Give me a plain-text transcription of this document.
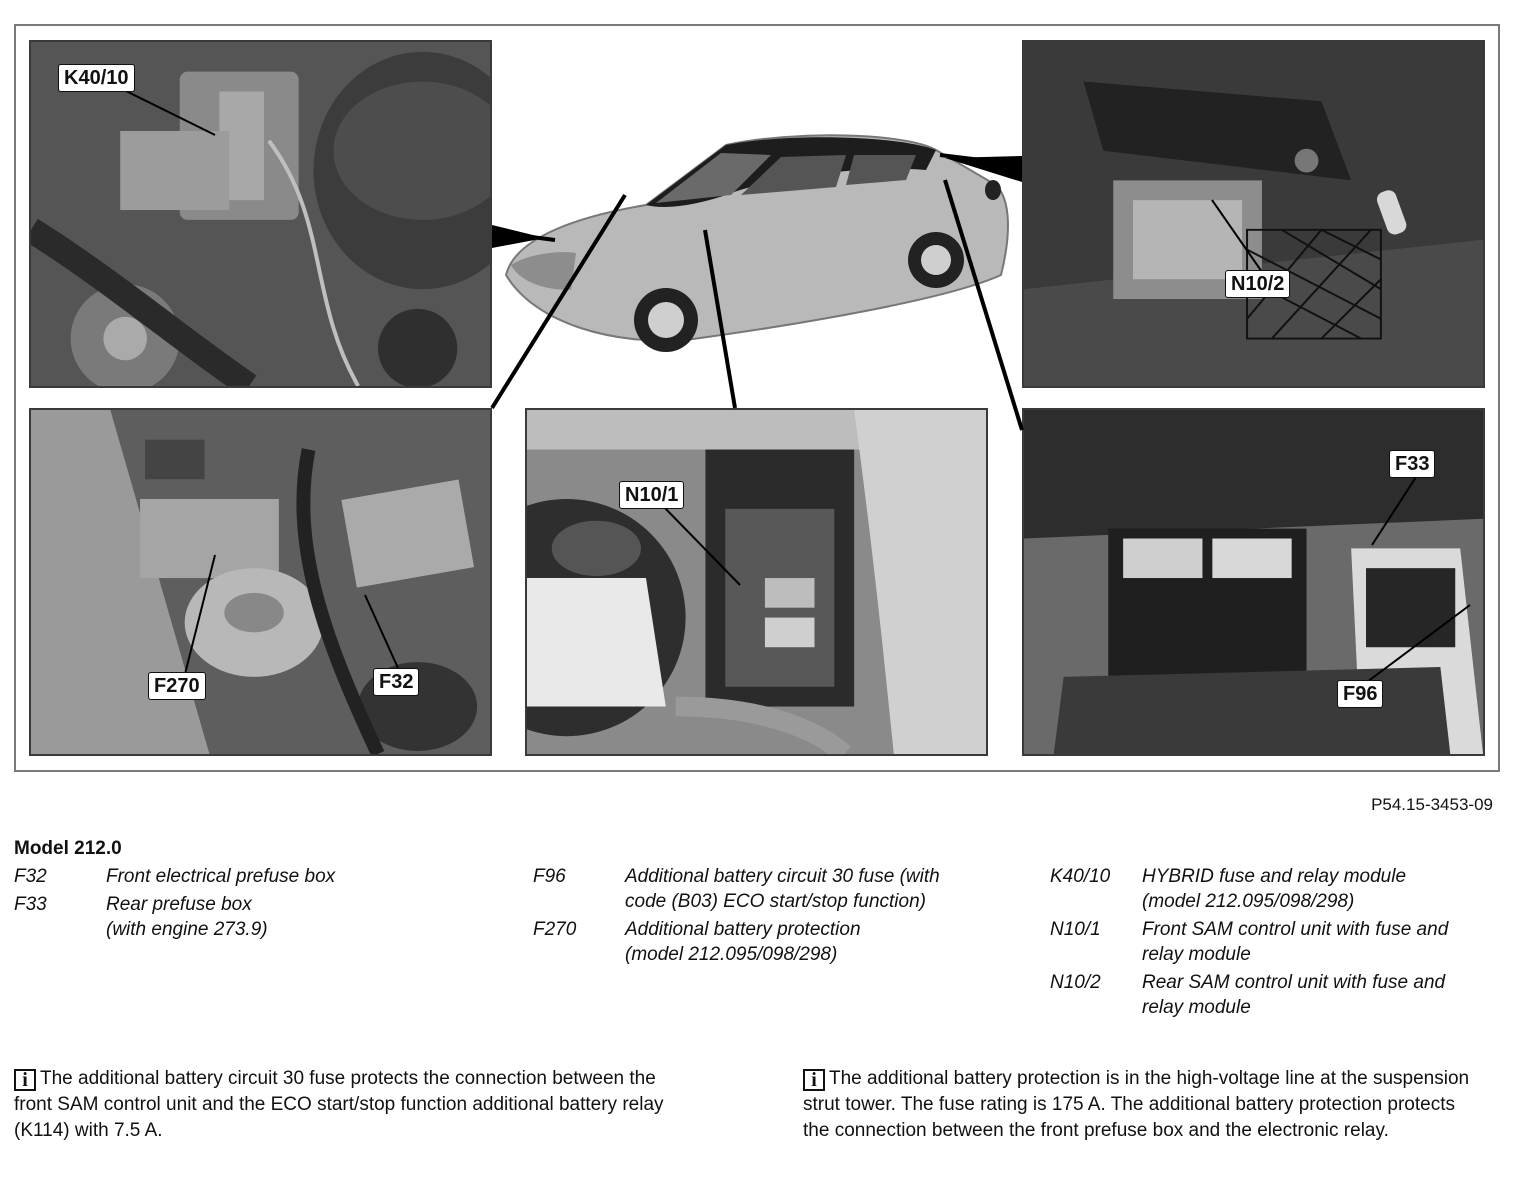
K40/10
N10/2
F270	F32
N10/1
F33
F96
P54.15-3453-09
Model 212.0
F32	Front electrical prefuse box
F33	Rear prefuse box (with engine 273.9)
F96	Additional battery circuit 30 fuse (with code (B03) ECO start/stop function)
F270	Additional battery protection (model 212.095/098/298)
K40/10	HYBRID fuse and relay module (model 212.095/098/298)
N10/1	Front SAM control unit with fuse and relay module
N10/2	Rear SAM control unit with fuse and relay module
i The additional battery circuit 30 fuse protects the connection between the front SAM control unit and the ECO start/stop function additional battery relay (K114) with 7.5 A.
i The additional battery protection is in the high-voltage line at the suspension strut tower. The fuse rating is 175 A. The additional battery protection protects the connection between the front prefuse box and the electronic relay.
